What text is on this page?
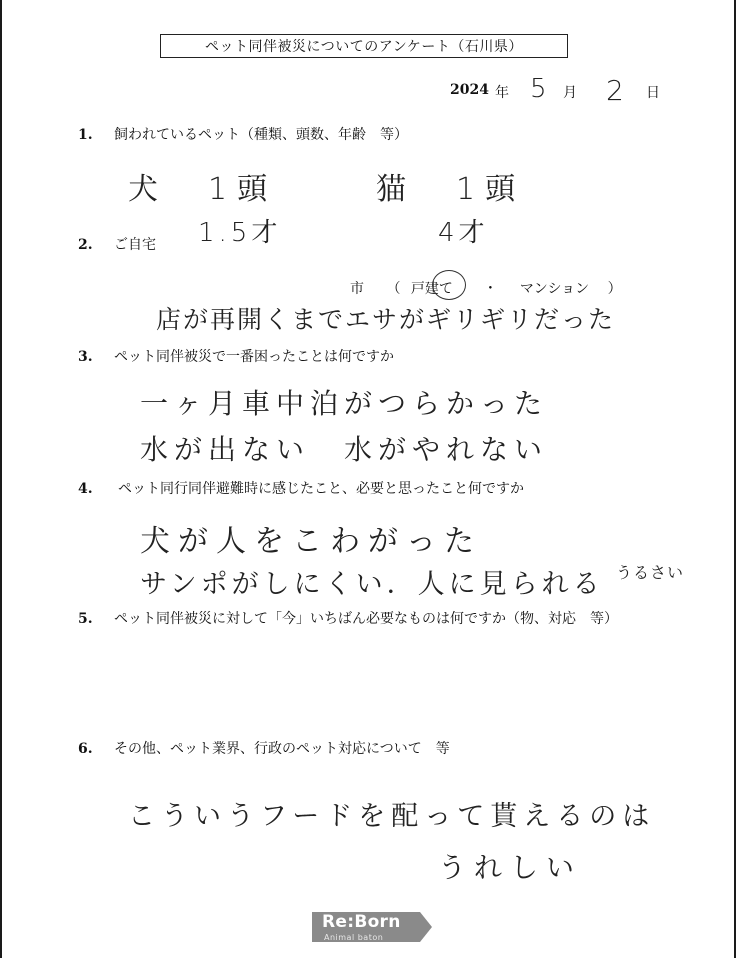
ペット同伴被災についてのアンケート（石川県）
2024 年 5 月 2 日
1. 飼われているペット（種類、頭数、年齢　等）
犬　1頭	猫　1頭
1.5才	4才
2. ご自宅
市 （ 戸建て ・ マンション ）
店が再開くまでエサがギリギリだった
3. ペット同伴被災で一番困ったことは何ですか
一ヶ月車中泊がつらかった
水が出ない　水がやれない
4. ペット同行同伴避難時に感じたこと、必要と思ったこと何ですか
犬が人をこわがった
サンポがしにくい．人に見られる うるさい
5. ペット同伴被災に対して「今」いちばん必要なものは何ですか（物、対応　等）
6. その他、ペット業界、行政のペット対応について　等
こういうフードを配って貰えるのは
うれしい
Re:Born
Animal baton
